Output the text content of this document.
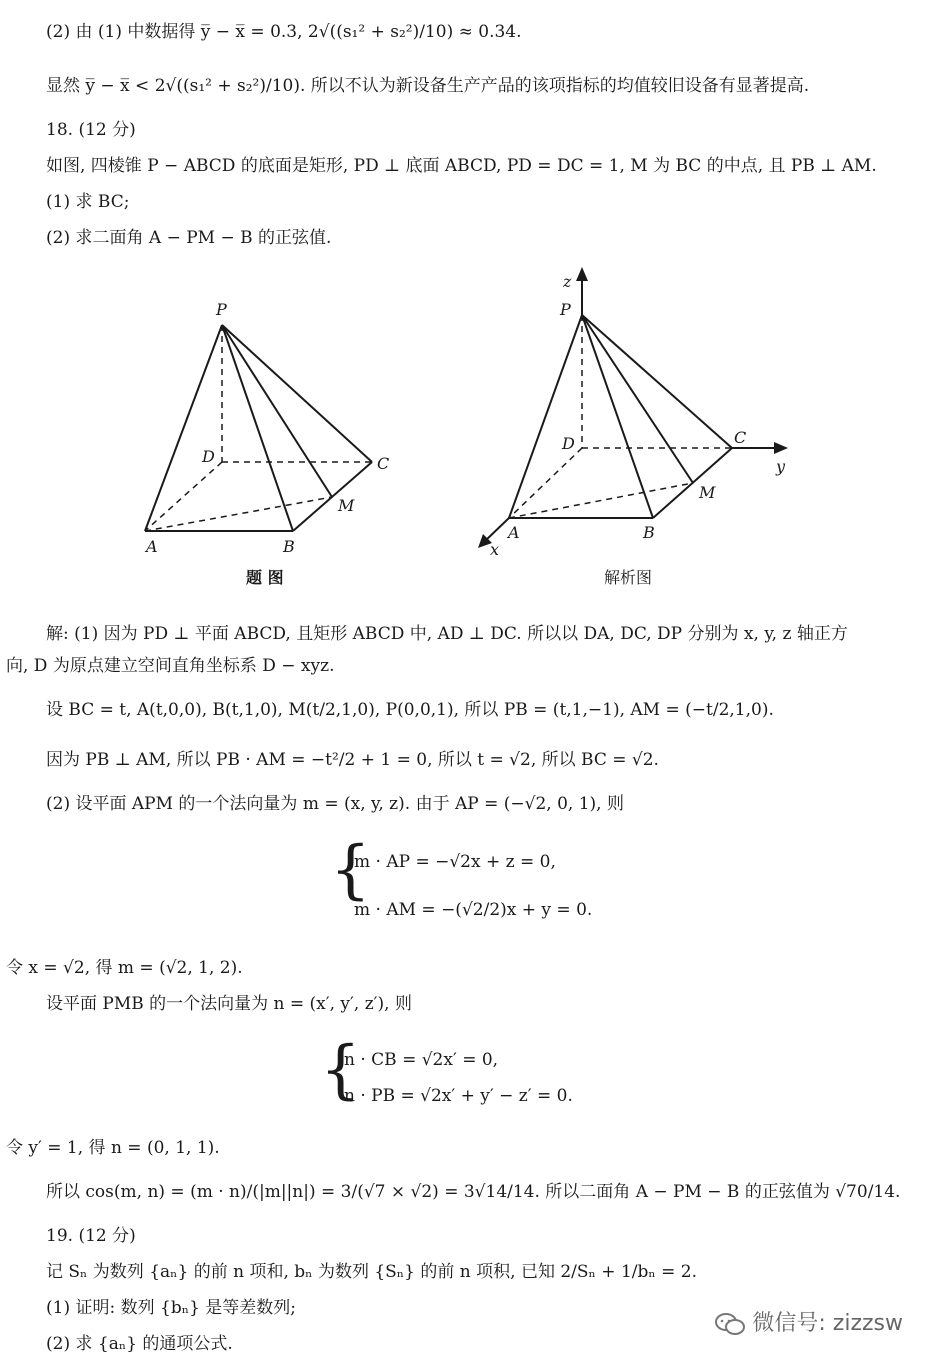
(2) 由 (1) 中数据得 y̅ − x̅ = 0.3, 2√((s₁² + s₂²)/10) ≈ 0.34.
显然 y̅ − x̅ < 2√((s₁² + s₂²)/10). 所以不认为新设备生产产品的该项指标的均值较旧设备有显著提高.
18. (12 分)
如图, 四棱锥 P − ABCD 的底面是矩形, PD ⊥ 底面 ABCD, PD = DC = 1, M 为 BC 的中点, 且 PB ⊥ AM.
(1) 求 BC;
(2) 求二面角 A − PM − B 的正弦值.
P
A	B
C
D
M
题 图
z
y
x
P
A	B
C
D
M
解析图
解: (1) 因为 PD ⊥ 平面 ABCD, 且矩形 ABCD 中, AD ⊥ DC. 所以以 DA, DC, DP 分别为 x, y, z 轴正方
向, D 为原点建立空间直角坐标系 D − xyz.
设 BC = t, A(t,0,0), B(t,1,0), M(t/2,1,0), P(0,0,1), 所以 PB = (t,1,−1), AM = (−t/2,1,0).
因为 PB ⊥ AM, 所以 PB · AM = −t²/2 + 1 = 0, 所以 t = √2, 所以 BC = √2.
(2) 设平面 APM 的一个法向量为 m = (x, y, z). 由于 AP = (−√2, 0, 1), 则
{
m · AP = −√2x + z = 0,
m · AM = −(√2/2)x + y = 0.
令 x = √2, 得 m = (√2, 1, 2).
设平面 PMB 的一个法向量为 n = (x′, y′, z′), 则
{
n · CB = √2x′ = 0,
n · PB = √2x′ + y′ − z′ = 0.
令 y′ = 1, 得 n = (0, 1, 1).
所以 cos(m, n) = (m · n)/(|m||n|) = 3/(√7 × √2) = 3√14/14. 所以二面角 A − PM − B 的正弦值为 √70/14.
19. (12 分)
记 Sₙ 为数列 {aₙ} 的前 n 项和, bₙ 为数列 {Sₙ} 的前 n 项积, 已知 2/Sₙ + 1/bₙ = 2.
(1) 证明: 数列 {bₙ} 是等差数列;
(2) 求 {aₙ} 的通项公式.
微信号: zizzsw
